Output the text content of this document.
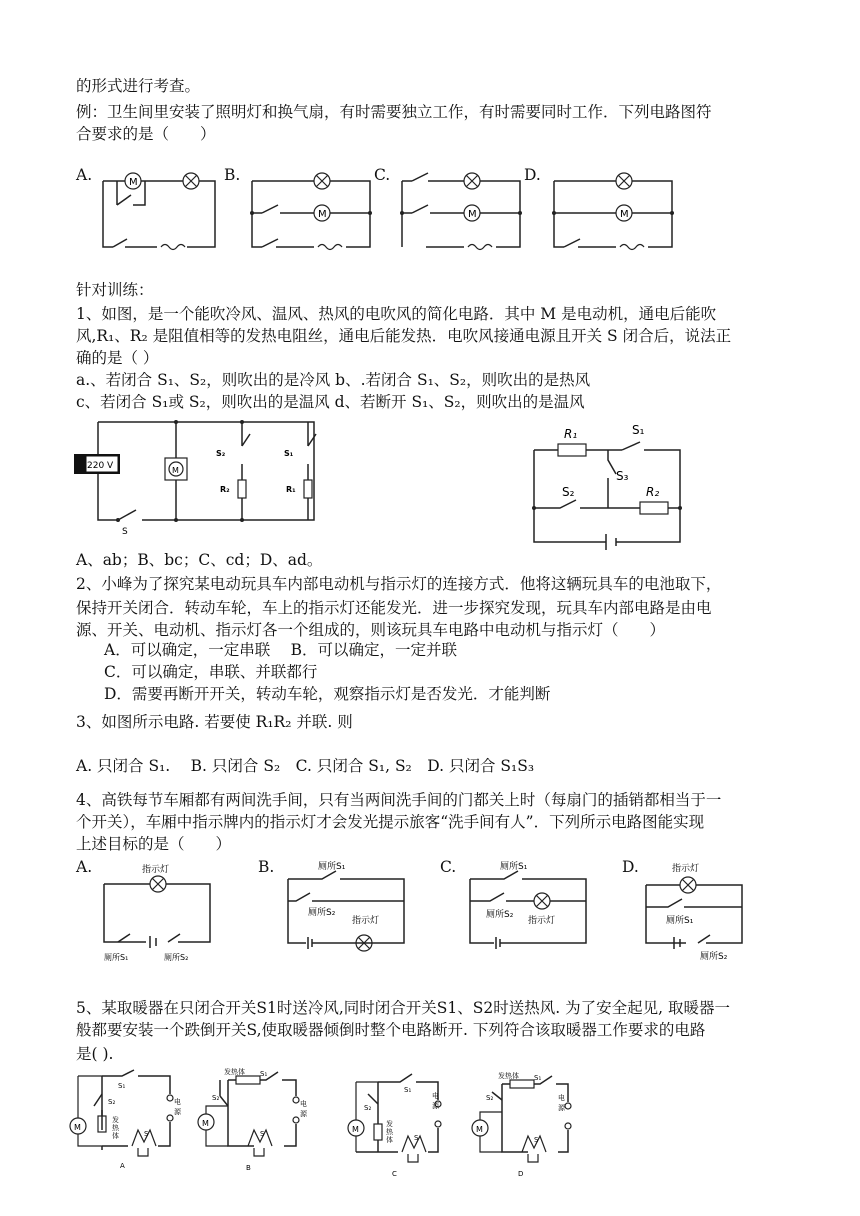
的形式进行考查。
例：卫生间里安装了照明灯和换气扇，有时需要独立工作，有时需要同时工作．下列电路图符
合要求的是（　　）
A.	B.	C.	D.
M
M	M	M
针对训练：
1、如图，是一个能吹冷风、温风、热风的电吹风的简化电路．其中 M 是电动机，通电后能吹
风,R₁、R₂ 是阻值相等的发热电阻丝，通电后能发热．电吹风接通电源且开关 S 闭合后，说法正
确的是（ ）
a.、若闭合 S₁、S₂，则吹出的是冷风 b、.若闭合 S₁、S₂，则吹出的是热风
c、若闭合 S₁或 S₂，则吹出的是温风 d、若断开 S₁、S₂，则吹出的是温风
220 V
S
M
S₂
R₂
S₁
R₁
R₁	S₁
S₃
S₂	R₂
A、ab；B、bc；C、cd；D、ad。
2、小峰为了探究某电动玩具车内部电动机与指示灯的连接方式．他将这辆玩具车的电池取下，
保持开关闭合．转动车轮，车上的指示灯还能发光．进一步探究发现，玩具车内部电路是由电
源、开关、电动机、指示灯各一个组成的，则该玩具车电路中电动机与指示灯（　　）
A．可以确定，一定串联　 B．可以确定，一定并联
C．可以确定，串联、并联都行
D．需要再断开开关，转动车轮，观察指示灯是否发光．才能判断
3、如图所示电路. 若要使 R₁R₂ 并联. 则
A. 只闭合 S₁.　 B. 只闭合 S₂　C. 只闭合 S₁, S₂　D. 只闭合 S₁S₃
4、高铁每节车厢都有两间洗手间，只有当两间洗手间的门都关上时（每扇门的插销都相当于一
个开关），车厢中指示牌内的指示灯才会发光提示旅客“洗手间有人”．下列所示电路图能实现
上述目标的是（　　）
A.	B.	C.	D.
指示灯
厕所S₁	厕所S₂
厕所S₁
厕所S₂
指示灯
厕所S₁
厕所S₂
指示灯
指示灯
厕所S₁
厕所S₂
5、某取暖器在只闭合开关S1时送冷风,同时闭合开关S1、S2时送热风. 为了安全起见, 取暖器一
般都要安装一个跌倒开关S,使取暖器倾倒时整个电路断开. 下列符合该取暖器工作要求的电路
是( ).
S₁
M
S₂
发
热
体
电
源
S
A
发热体 S₁
S₂
M
电
源
S
B
S₁
S₂
发
热
体
M
电
源
S
C
发热体 S₁
S₂
M
电
源
S
D
